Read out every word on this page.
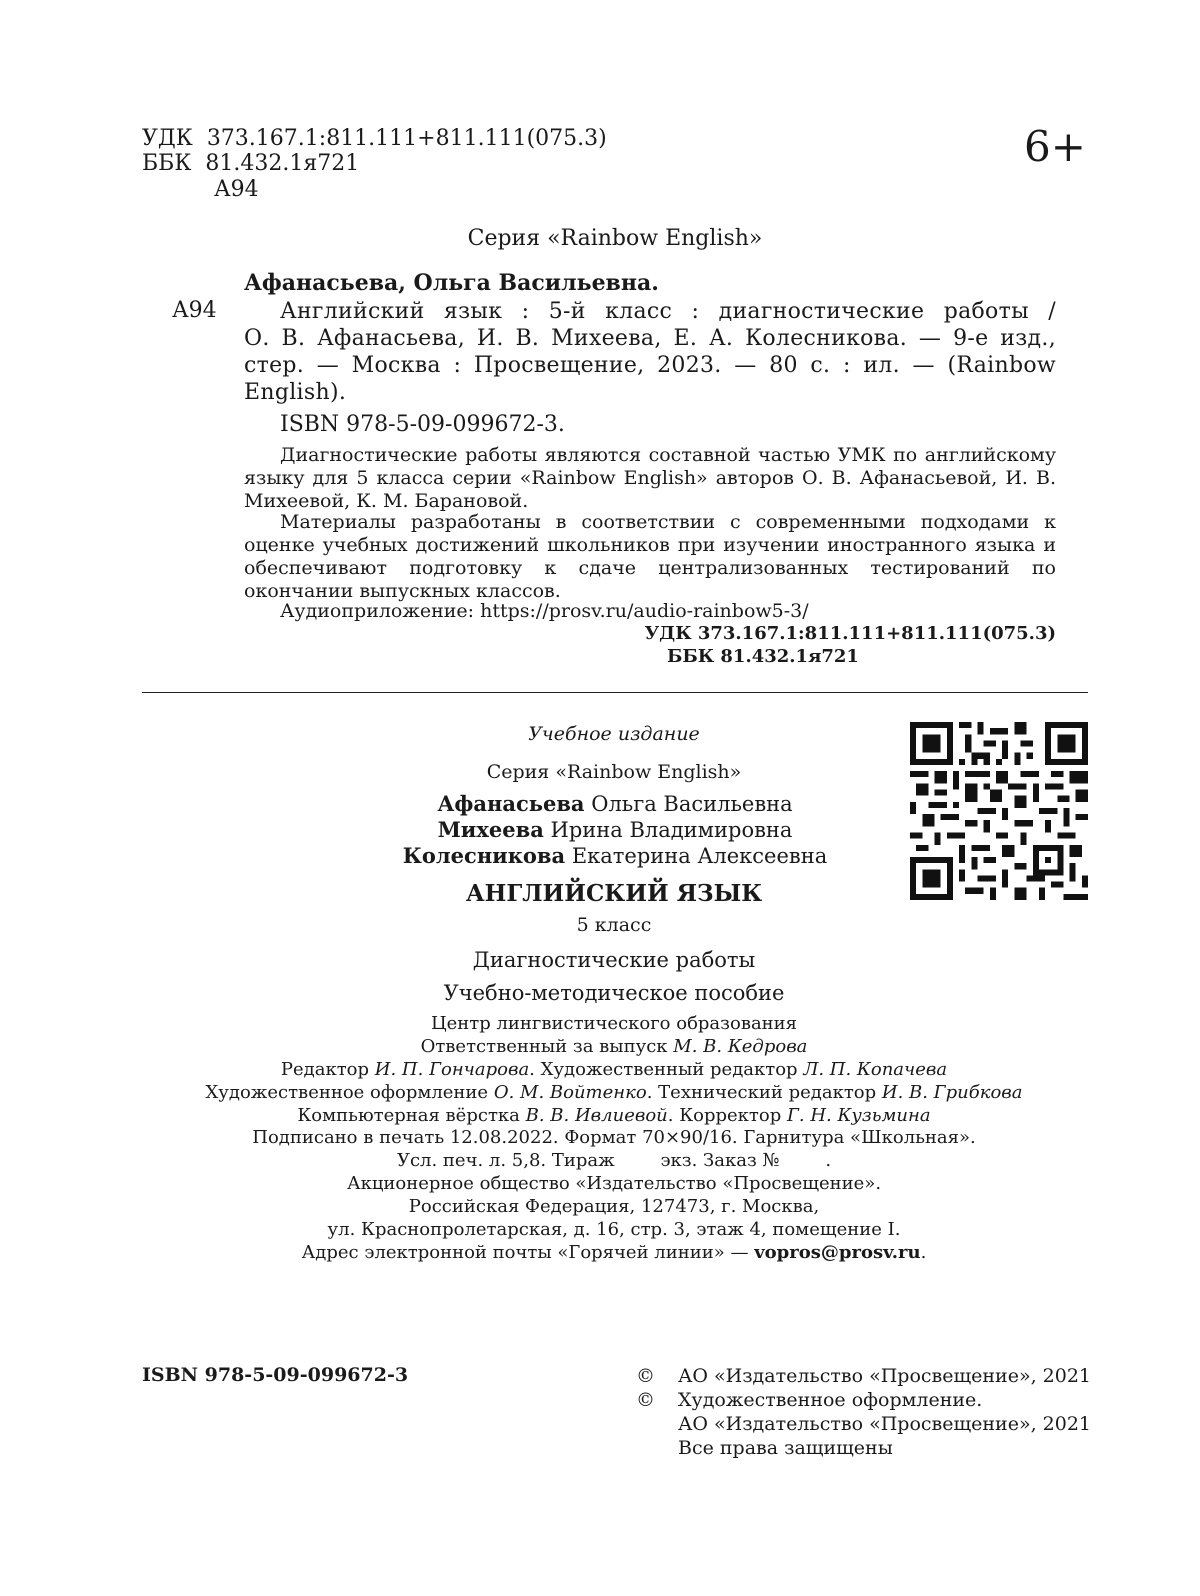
УДК 373.167.1:811.111+811.111(075.3)
ББК 81.432.1я721
А94
6+
Серия «Rainbow English»
Афанасьева, Ольга Васильевна.
А94	Английский язык : 5-й класс : диагностические работы /
О. В. Афанасьева, И. В. Михеева, Е. А. Колесникова. — 9-е изд.,
стер. — Москва : Просвещение, 2023. — 80 с. : ил. — (Rainbow
English).
ISBN 978-5-09-099672-3.
Диагностические работы являются составной частью УМК по английскому языку для 5 класса серии «Rainbow English» авторов О. В. Афанасьевой, И. В. Михеевой, К. М. Барановой.
Материалы разработаны в соответствии с современными подходами к оценке учебных достижений школьников при изучении иностранного языка и обеспечивают подготовку к сдаче централизованных тестирований по окончании выпускных классов.
Аудиоприложение: https://prosv.ru/audio-rainbow5-3/
УДК 373.167.1:811.111+811.111(075.3)
ББК 81.432.1я721
Учебное издание
Серия «Rainbow English»
Афанасьева Ольга Васильевна
Михеева Ирина Владимировна
Колесникова Екатерина Алексеевна
АНГЛИЙСКИЙ ЯЗЫК
5 класс
Диагностические работы
Учебно-методическое пособие
Центр лингвистического образования
Ответственный за выпуск М. В. Кедрова
Редактор И. П. Гончарова. Художественный редактор Л. П. Копачева
Художественное оформление О. М. Войтенко. Технический редактор И. В. Грибкова
Компьютерная вёрстка В. В. Ивлиевой. Корректор Г. Н. Кузьмина
Подписано в печать 12.08.2022. Формат 70×90/16. Гарнитура «Школьная».
Усл. печ. л. 5,8. Тираж        экз. Заказ №        .
Акционерное общество «Издательство «Просвещение».
Российская Федерация, 127473, г. Москва,
ул. Краснопролетарская, д. 16, стр. 3, этаж 4, помещение I.
Адрес электронной почты «Горячей линии» — vopros@prosv.ru.
ISBN 978-5-09-099672-3	© АО «Издательство «Просвещение», 2021
© Художественное оформление.
АО «Издательство «Просвещение», 2021
Все права защищены
